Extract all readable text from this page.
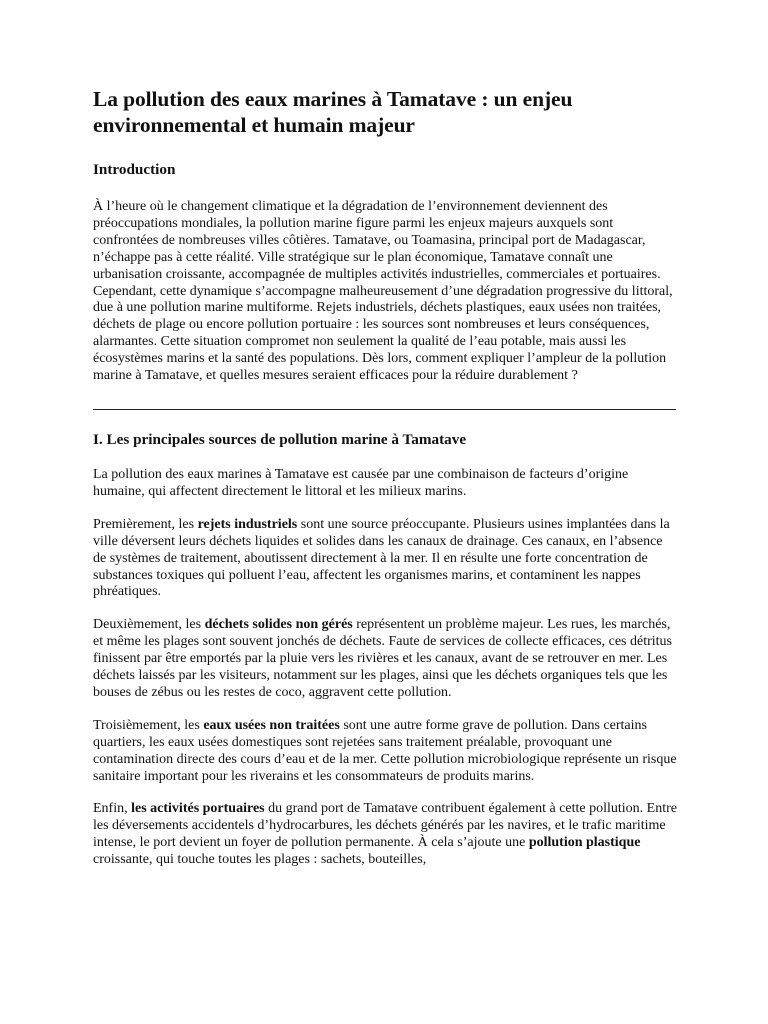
La pollution des eaux marines à Tamatave : un enjeu environnemental et humain majeur
Introduction

À l’heure où le changement climatique et la dégradation de l’environnement deviennent des préoccupations mondiales, la pollution marine figure parmi les enjeux majeurs auxquels sont confrontées de nombreuses villes côtières. Tamatave, ou Toamasina, principal port de Madagascar, n’échappe pas à cette réalité. Ville stratégique sur le plan économique, Tamatave connaît une urbanisation croissante, accompagnée de multiples activités industrielles, commerciales et portuaires. Cependant, cette dynamique s’accompagne malheureusement d’une dégradation progressive du littoral, due à une pollution marine multiforme. Rejets industriels, déchets plastiques, eaux usées non traitées, déchets de plage ou encore pollution portuaire : les sources sont nombreuses et leurs conséquences, alarmantes. Cette situation compromet non seulement la qualité de l’eau potable, mais aussi les écosystèmes marins et la santé des populations. Dès lors, comment expliquer l’ampleur de la pollution marine à Tamatave, et quelles mesures seraient efficaces pour la réduire durablement ?

I. Les principales sources de pollution marine à Tamatave

La pollution des eaux marines à Tamatave est causée par une combinaison de facteurs d’origine humaine, qui affectent directement le littoral et les milieux marins.

Premièrement, les rejets industriels sont une source préoccupante. Plusieurs usines implantées dans la ville déversent leurs déchets liquides et solides dans les canaux de drainage. Ces canaux, en l’absence de systèmes de traitement, aboutissent directement à la mer. Il en résulte une forte concentration de substances toxiques qui polluent l’eau, affectent les organismes marins, et contaminent les nappes phréatiques.

Deuxièmement, les déchets solides non gérés représentent un problème majeur. Les rues, les marchés, et même les plages sont souvent jonchés de déchets. Faute de services de collecte efficaces, ces détritus finissent par être emportés par la pluie vers les rivières et les canaux, avant de se retrouver en mer. Les déchets laissés par les visiteurs, notamment sur les plages, ainsi que les déchets organiques tels que les bouses de zébus ou les restes de coco, aggravent cette pollution.

Troisièmement, les eaux usées non traitées sont une autre forme grave de pollution. Dans certains quartiers, les eaux usées domestiques sont rejetées sans traitement préalable, provoquant une contamination directe des cours d’eau et de la mer. Cette pollution microbiologique représente un risque sanitaire important pour les riverains et les consommateurs de produits marins.

Enfin, les activités portuaires du grand port de Tamatave contribuent également à cette pollution. Entre les déversements accidentels d’hydrocarbures, les déchets générés par les navires, et le trafic maritime intense, le port devient un foyer de pollution permanente. À cela s’ajoute une pollution plastique croissante, qui touche toutes les plages : sachets, bouteilles,
